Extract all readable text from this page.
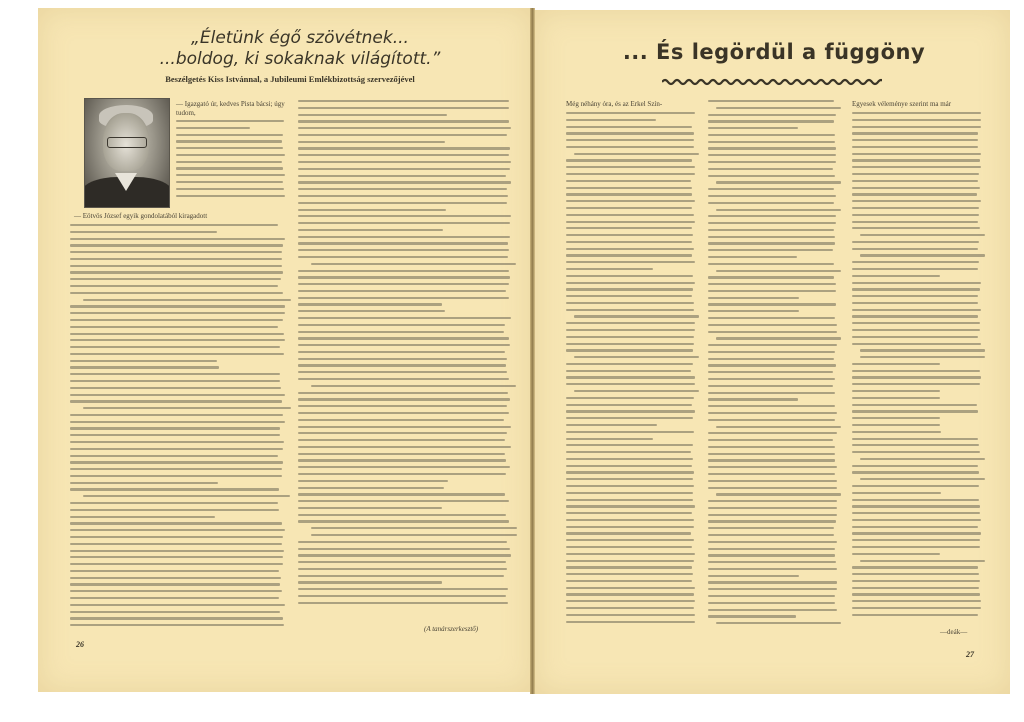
„Életünk égő szövétnek...
...boldog, ki sokaknak világított.”
Beszélgetés Kiss Istvánnal, a Jubileumi Emlékbizottság szervezőjével
— Igazgató úr, kedves Pista bácsi; úgy tudom,
— Eötvös József egyik gondolatából kiragadott
(A tanárszerkesztő)
26
... És legördül a függöny
Még néhány óra, és az Erkel Szín-	Egyesek véleménye szerint ma már
—deák—
27
